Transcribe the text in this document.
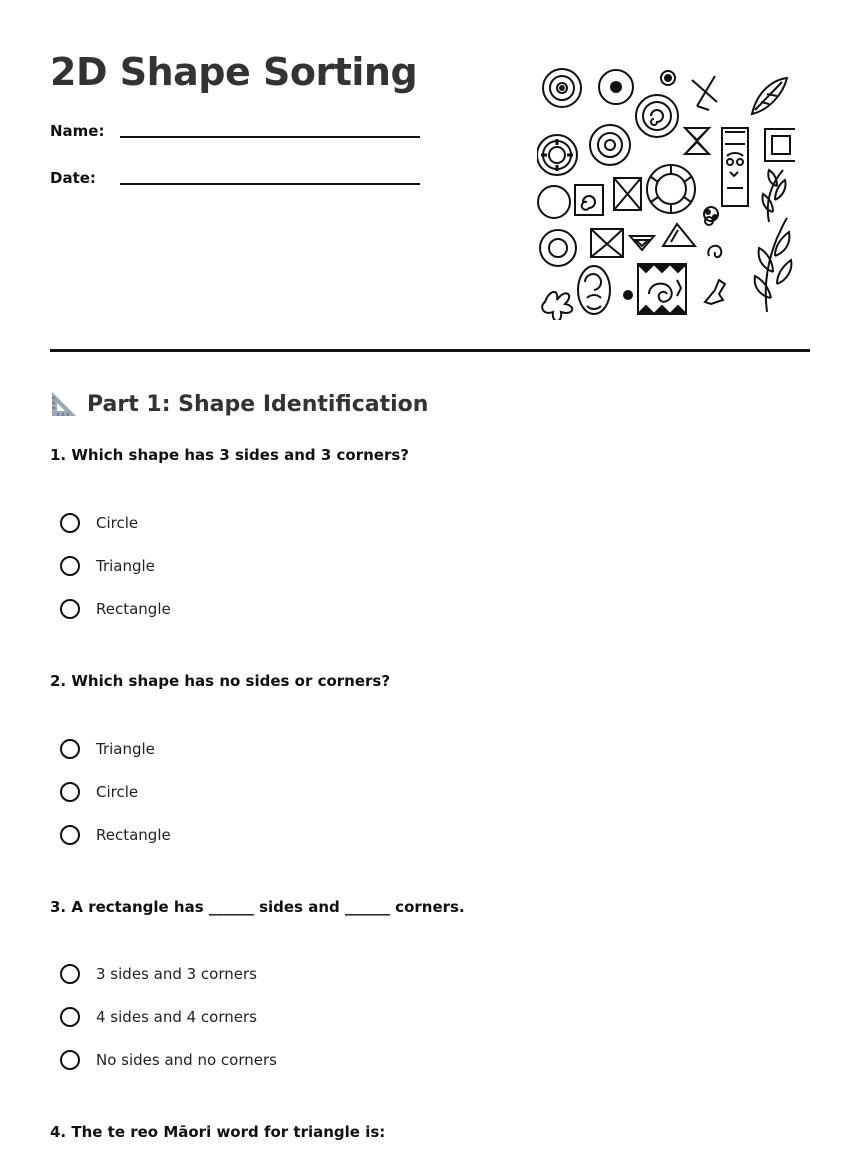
2D Shape Sorting
Name:
Date:
Part 1: Shape Identification
1. Which shape has 3 sides and 3 corners?
Circle
Triangle
Rectangle
2. Which shape has no sides or corners?
Triangle
Circle
Rectangle
3. A rectangle has ______ sides and ______ corners.
3 sides and 3 corners
4 sides and 4 corners
No sides and no corners
4. The te reo Māori word for triangle is:
